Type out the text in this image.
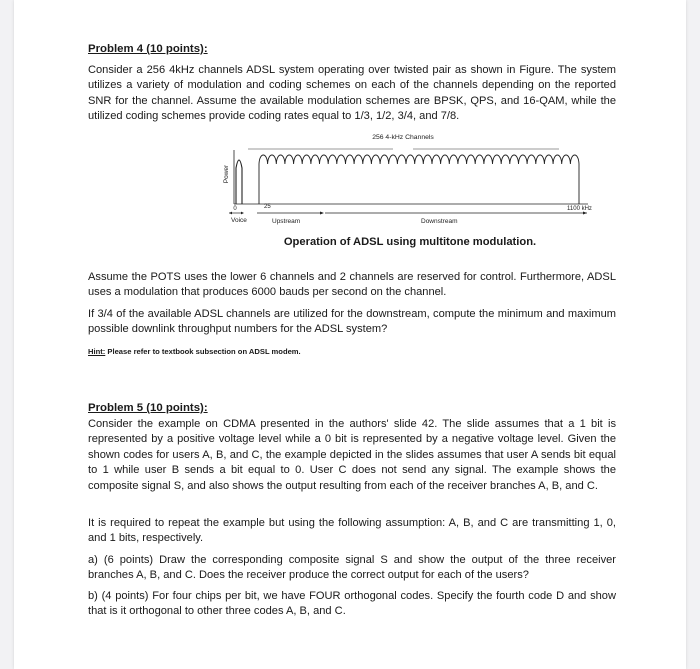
Problem 4 (10 points):
Consider a 256 4kHz channels ADSL system operating over twisted pair as shown in Figure. The system utilizes a variety of modulation and coding schemes on each of the channels depending on the reported SNR for the channel. Assume the available modulation schemes are BPSK, QPS, and 16-QAM, while the utilized coding schemes provide coding rates equal to 1/3, 1/2, 3/4, and 7/8.
256 4-kHz Channels
Power
0	25	1100 kHz
Voice	Upstream	Downstream
Operation of ADSL using multitone modulation.
Assume the POTS uses the lower 6 channels and 2 channels are reserved for control. Furthermore, ADSL uses a modulation that produces 6000 bauds per second on the channel.
If 3/4 of the available ADSL channels are utilized for the downstream, compute the minimum and maximum possible downlink throughput numbers for the ADSL system?
Hint: Please refer to textbook subsection on ADSL modem.
Problem 5 (10 points):
Consider the example on CDMA presented in the authors' slide 42. The slide assumes that a 1 bit is represented by a positive voltage level while a 0 bit is represented by a negative voltage level. Given the shown codes for users A, B, and C, the example depicted in the slides assumes that user A sends bit equal to 1 while user B sends a bit equal to 0. User C does not send any signal. The example shows the composite signal S, and also shows the output resulting from each of the receiver branches A, B, and C.
It is required to repeat the example but using the following assumption: A, B, and C are transmitting 1, 0, and 1 bits, respectively.
a) (6 points) Draw the corresponding composite signal S and show the output of the three receiver branches A, B, and C. Does the receiver produce the correct output for each of the users?
b) (4 points) For four chips per bit, we have FOUR orthogonal codes. Specify the fourth code D and show that is it orthogonal to other three codes A, B, and C.
